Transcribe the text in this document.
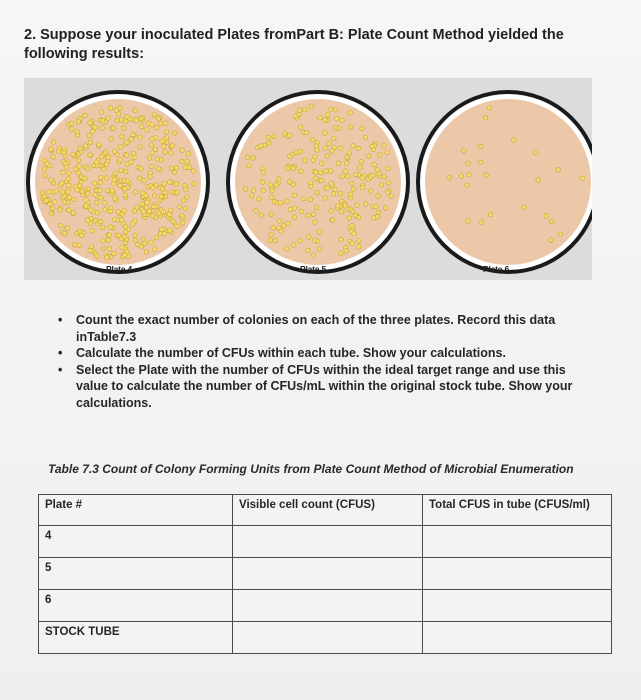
2. Suppose your inoculated Plates fromPart B: Plate Count Method yielded the following results:
Plate 4	Plate 5	Plate 6
• Count the exact number of colonies on each of the three plates. Record this data inTable7.3
• Calculate the number of CFUs within each tube. Show your calculations.
• Select the Plate with the number of CFUs within the ideal target range and use this value to calculate the number of CFUs/mL within the original stock tube. Show your calculations.
Table 7.3 Count of Colony Forming Units from Plate Count Method of Microbial Enumeration
Plate #	Visible cell count (CFUS)	Total CFUS in tube (CFUS/ml)
4		
5		
6		
STOCK TUBE		
